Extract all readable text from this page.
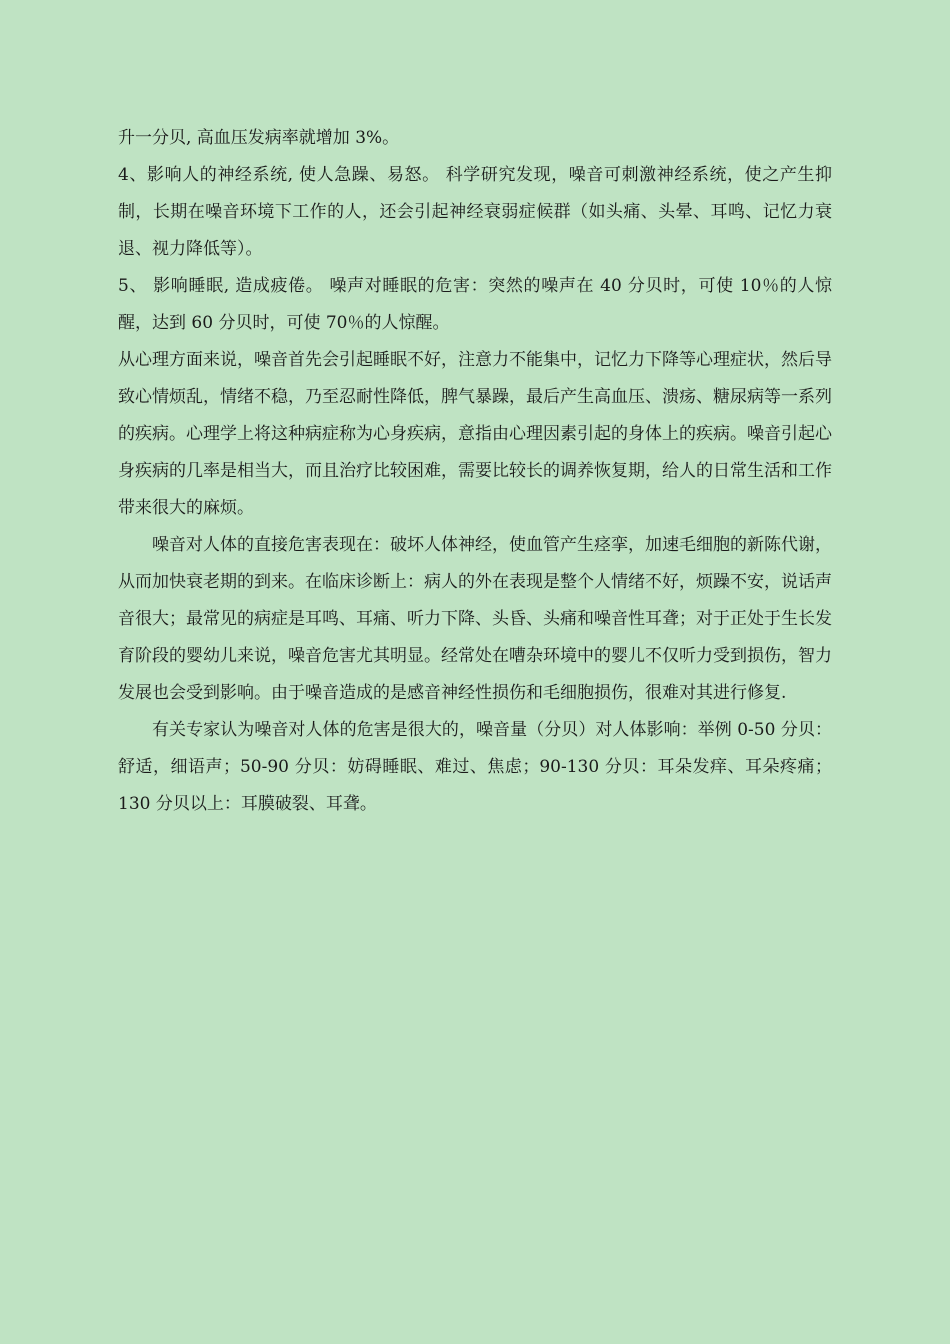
升一分贝, 高血压发病率就增加 3%。

4、影响人的神经系统, 使人急躁、易怒。 科学研究发现，噪音可刺激神经系统，使之产生抑制，长期在噪音环境下工作的人，还会引起神经衰弱症候群（如头痛、头晕、耳鸣、记忆力衰退、视力降低等）。

5、 影响睡眠, 造成疲倦。 噪声对睡眠的危害：突然的噪声在 40 分贝时，可使 10％的人惊醒，达到 60 分贝时，可使 70％的人惊醒。

从心理方面来说，噪音首先会引起睡眠不好，注意力不能集中，记忆力下降等心理症状，然后导致心情烦乱，情绪不稳，乃至忍耐性降低，脾气暴躁，最后产生高血压、溃疡、糖尿病等一系列的疾病。心理学上将这种病症称为心身疾病，意指由心理因素引起的身体上的疾病。噪音引起心身疾病的几率是相当大，而且治疗比较困难，需要比较长的调养恢复期，给人的日常生活和工作带来很大的麻烦。

噪音对人体的直接危害表现在：破坏人体神经，使血管产生痉挛，加速毛细胞的新陈代谢，从而加快衰老期的到来。在临床诊断上：病人的外在表现是整个人情绪不好，烦躁不安，说话声音很大；最常见的病症是耳鸣、耳痛、听力下降、头昏、头痛和噪音性耳聋；对于正处于生长发育阶段的婴幼儿来说，噪音危害尤其明显。经常处在嘈杂环境中的婴儿不仅听力受到损伤，智力发展也会受到影响。由于噪音造成的是感音神经性损伤和毛细胞损伤，很难对其进行修复.

有关专家认为噪音对人体的危害是很大的，噪音量（分贝）对人体影响：举例 0-50 分贝：舒适，细语声；50-90 分贝：妨碍睡眠、难过、焦虑；90-130 分贝：耳朵发痒、耳朵疼痛；130 分贝以上：耳膜破裂、耳聋。
